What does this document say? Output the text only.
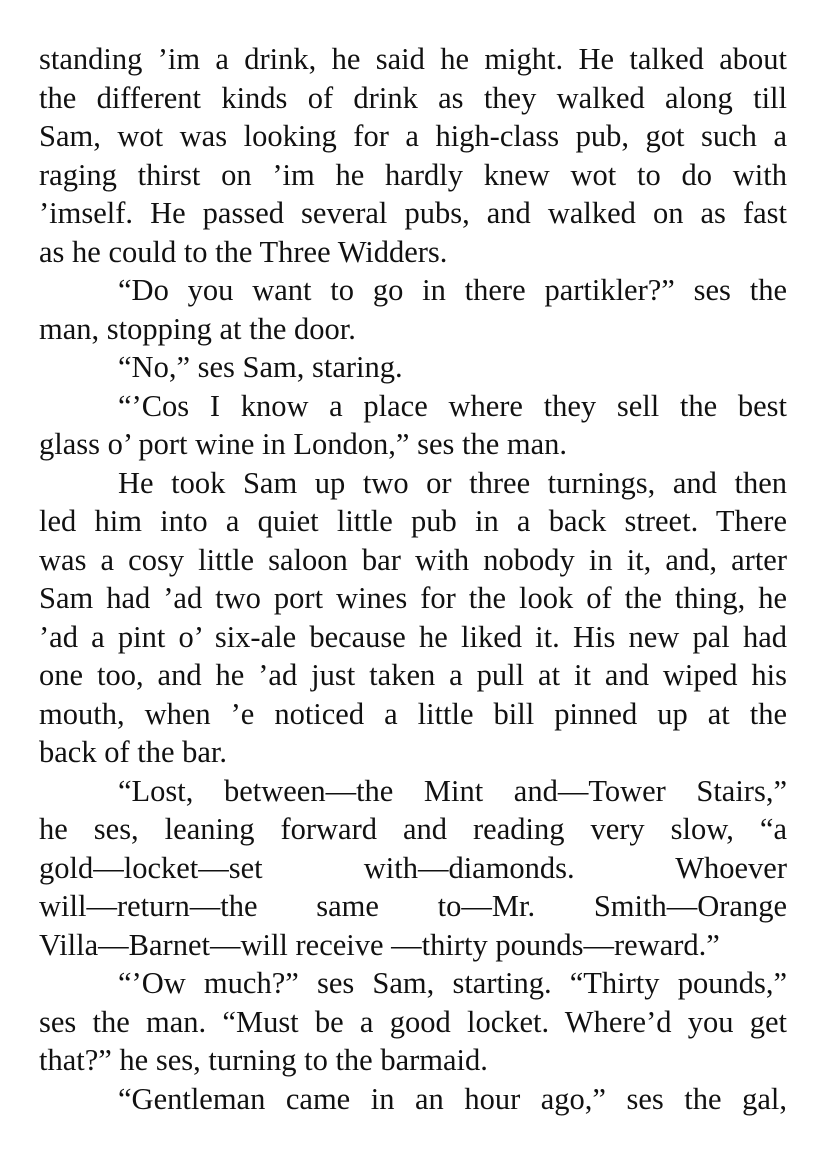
standing ’im a drink, he said he might. He talked about
the different kinds of drink as they walked along till
Sam, wot was looking for a high-class pub, got such a
raging thirst on ’im he hardly knew wot to do with
’imself. He passed several pubs, and walked on as fast
as he could to the Three Widders.

“Do you want to go in there partikler?” ses the
man, stopping at the door.

“No,” ses Sam, staring.

“’Cos I know a place where they sell the best
glass o’ port wine in London,” ses the man.

He took Sam up two or three turnings, and then
led him into a quiet little pub in a back street. There
was a cosy little saloon bar with nobody in it, and, arter
Sam had ’ad two port wines for the look of the thing, he
’ad a pint o’ six-ale because he liked it. His new pal had
one too, and he ’ad just taken a pull at it and wiped his
mouth, when ’e noticed a little bill pinned up at the
back of the bar.

“Lost, between—the Mint and—Tower Stairs,”
he ses, leaning forward and reading very slow, “a
gold—locket—set with—diamonds. Whoever
will—return—the same to—Mr. Smith—Orange
Villa—Barnet—will receive —thirty pounds—reward.”

“’Ow much?” ses Sam, starting. “Thirty pounds,”
ses the man. “Must be a good locket. Where’d you get
that?” he ses, turning to the barmaid.

“Gentleman came in an hour ago,” ses the gal,
